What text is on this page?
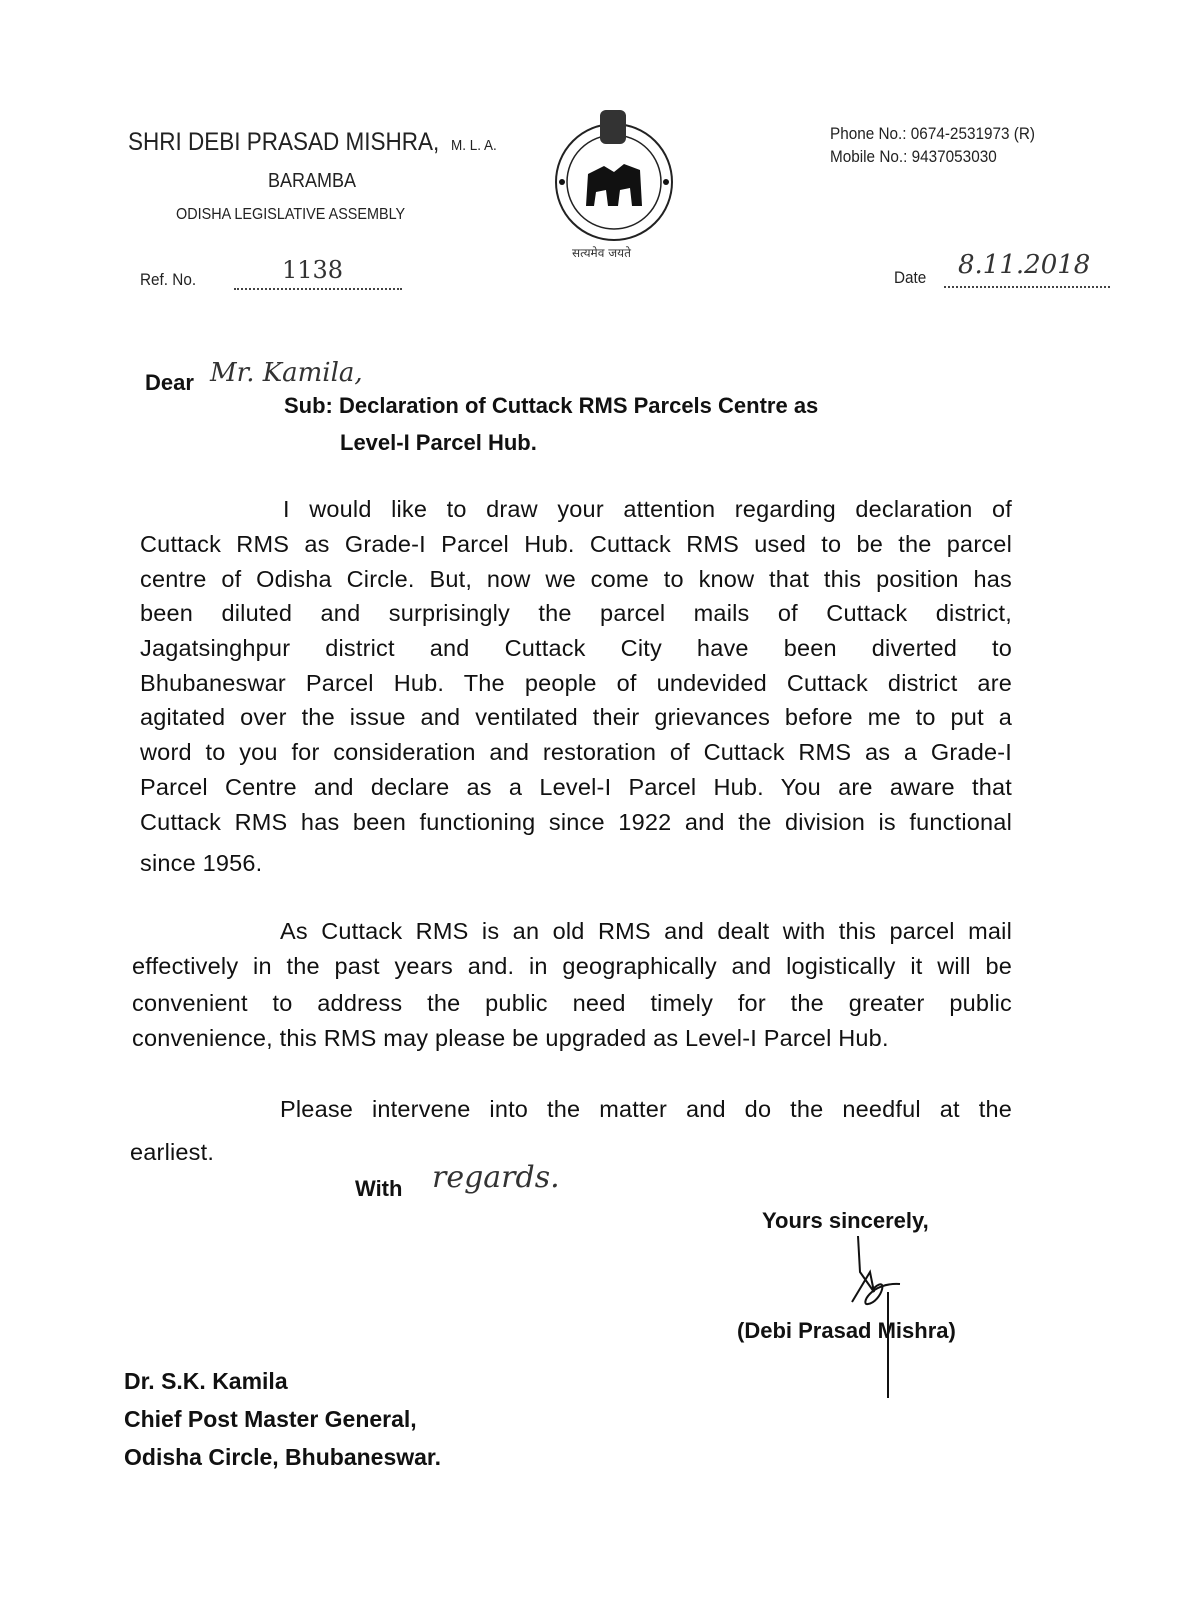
SHRI DEBI PRASAD MISHRA, M. L. A.
BARAMBA
ODISHA LEGISLATIVE ASSEMBLY
सत्यमेव जयते
Phone No.: 0674-2531973 (R)
Mobile No.: 9437053030
Ref. No.	1138	Date 8.11.2018
Dear Mr. Kamila,
Sub: Declaration of Cuttack RMS Parcels Centre as
Level-I Parcel Hub.
I would like to draw your attention regarding declaration of
Cuttack RMS as Grade-I Parcel Hub. Cuttack RMS used to be the parcel
centre of Odisha Circle. But, now we come to know that this position has
been diluted and surprisingly the parcel mails of Cuttack district,
Jagatsinghpur district and Cuttack City have been diverted to
Bhubaneswar Parcel Hub. The people of undevided Cuttack district are
agitated over the issue and ventilated their grievances before me to put a
word to you for consideration and restoration of Cuttack RMS as a Grade-I
Parcel Centre and declare as a Level-I Parcel Hub. You are aware that
Cuttack RMS has been functioning since 1922 and the division is functional
since 1956.
As Cuttack RMS is an old RMS and dealt with this parcel mail
effectively in the past years and. in geographically and logistically it will be
convenient to address the public need timely for the greater public
convenience, this RMS may please be upgraded as Level-I Parcel Hub.
Please intervene into the matter and do the needful at the
earliest.
With regards.
Yours sincerely,
(Debi Prasad Mishra)
Dr. S.K. Kamila
Chief Post Master General,
Odisha Circle, Bhubaneswar.
